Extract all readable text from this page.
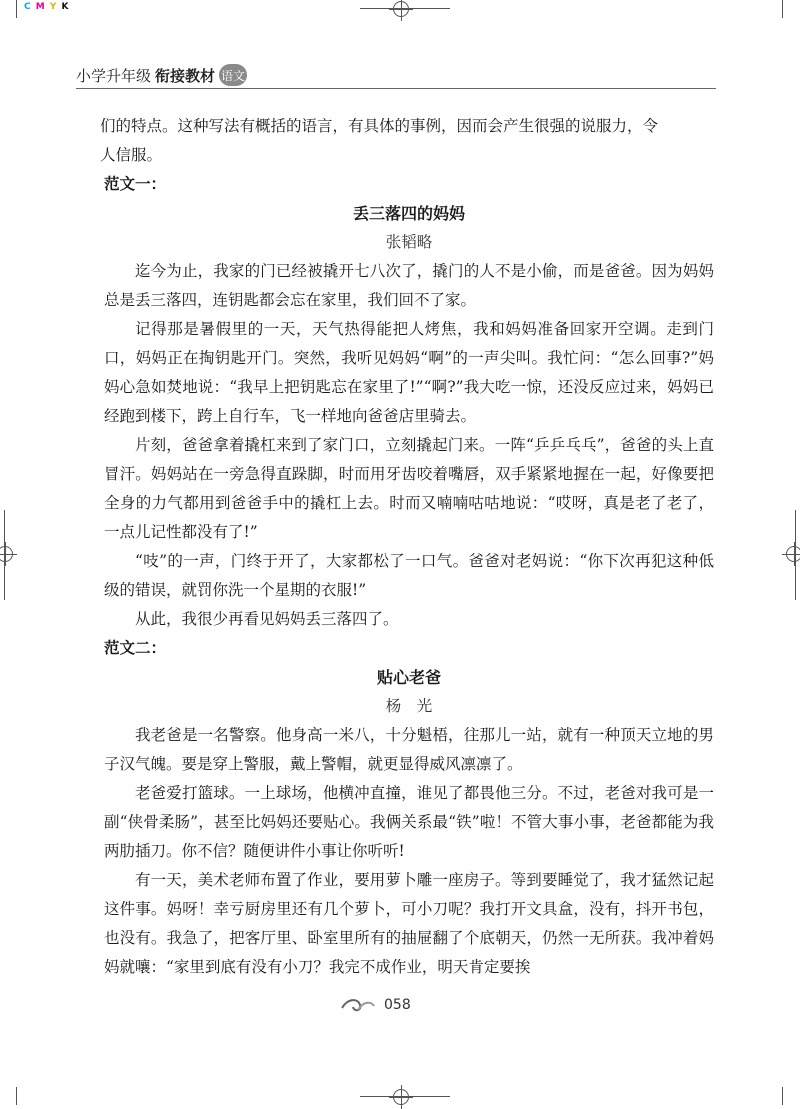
C M Y K
小学升年级 衔接教材 语文

们的特点。这种写法有概括的语言，有具体的事例，因而会产生很强的说服力，令
人信服。

范文一：

丢三落四的妈妈

张韬略

迄今为止，我家的门已经被撬开七八次了，撬门的人不是小偷，而是爸爸。因为妈妈总是丢三落四，连钥匙都会忘在家里，我们回不了家。

记得那是暑假里的一天，天气热得能把人烤焦，我和妈妈准备回家开空调。走到门口，妈妈正在掏钥匙开门。突然，我听见妈妈“啊”的一声尖叫。我忙问：“怎么回事?”妈妈心急如焚地说：“我早上把钥匙忘在家里了!”“啊?”我大吃一惊，还没反应过来，妈妈已经跑到楼下，跨上自行车，飞一样地向爸爸店里骑去。

片刻，爸爸拿着撬杠来到了家门口，立刻撬起门来。一阵“乒乒乓乓”，爸爸的头上直冒汗。妈妈站在一旁急得直跺脚，时而用牙齿咬着嘴唇，双手紧紧地握在一起，好像要把全身的力气都用到爸爸手中的撬杠上去。时而又喃喃咕咕地说：“哎呀，真是老了老了，一点儿记性都没有了!”

“吱”的一声，门终于开了，大家都松了一口气。爸爸对老妈说：“你下次再犯这种低级的错误，就罚你洗一个星期的衣服!”

从此，我很少再看见妈妈丢三落四了。

范文二：

贴心老爸

杨　光

我老爸是一名警察。他身高一米八，十分魁梧，往那儿一站，就有一种顶天立地的男子汉气魄。要是穿上警服，戴上警帽，就更显得威风凛凛了。

老爸爱打篮球。一上球场，他横冲直撞，谁见了都畏他三分。不过，老爸对我可是一副“侠骨柔肠”，甚至比妈妈还要贴心。我俩关系最“铁”啦！不管大事小事，老爸都能为我两肋插刀。你不信？随便讲件小事让你听听!

有一天，美术老师布置了作业，要用萝卜雕一座房子。等到要睡觉了，我才猛然记起这件事。妈呀！幸亏厨房里还有几个萝卜，可小刀呢？我打开文具盒，没有，抖开书包，也没有。我急了，把客厅里、卧室里所有的抽屉翻了个底朝天，仍然一无所获。我冲着妈妈就嚷：“家里到底有没有小刀？我完不成作业，明天肯定要挨

058
